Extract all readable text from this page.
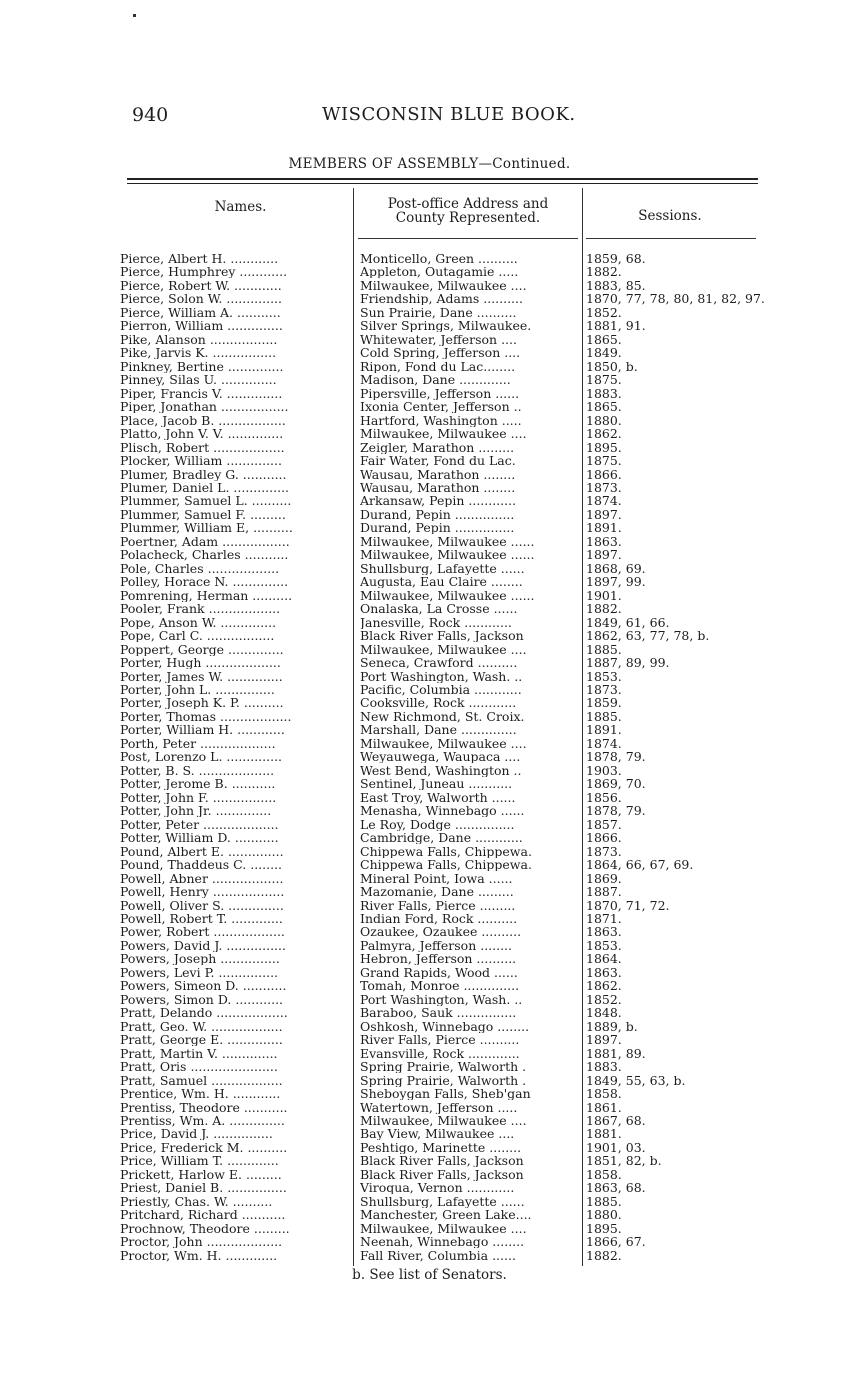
940	WISCONSIN BLUE BOOK.
MEMBERS OF ASSEMBLY—Continued.
Names.	Post-office Address and
County Represented.	Sessions.
Pierce, Albert H. ............	Monticello, Green ..........	1859, 68.
Pierce, Humphrey ............	Appleton, Outagamie .....	1882.
Pierce, Robert W. ............	Milwaukee, Milwaukee ....	1883, 85.
Pierce, Solon W. ..............	Friendship, Adams ..........	1870, 77, 78, 80, 81, 82, 97.
Pierce, William A. ...........	Sun Prairie, Dane ..........	1852.
Pierron, William ..............	Silver Springs, Milwaukee.	1881, 91.
Pike, Alanson .................	Whitewater, Jefferson ....	1865.
Pike, Jarvis K. ................	Cold Spring, Jefferson ....	1849.
Pinkney, Bertine ..............	Ripon, Fond du Lac........	1850, b.
Pinney, Silas U. ..............	Madison, Dane .............	1875.
Piper, Francis V. ..............	Pipersville, Jefferson ......	1883.
Piper, Jonathan .................	Ixonia Center, Jefferson ..	1865.
Place, Jacob B. .................	Hartford, Washington .....	1880.
Platto, John V. V. ..............	Milwaukee, Milwaukee ....	1862.
Plisch, Robert ..................	Zeigler, Marathon .........	1895.
Plocker, William ..............	Fair Water, Fond du Lac.	1875.
Plumer, Bradley G. ...........	Wausau, Marathon ........	1866.
Plumer, Daniel L. ..............	Wausau, Marathon ........	1873.
Plummer, Samuel L. ..........	Arkansaw, Pepin ............	1874.
Plummer, Samuel F. .........	Durand, Pepin ...............	1897.
Plummer, William E, ..........	Durand, Pepin ...............	1891.
Poertner, Adam .................	Milwaukee, Milwaukee ......	1863.
Polacheck, Charles ...........	Milwaukee, Milwaukee ......	1897.
Pole, Charles ..................	Shullsburg, Lafayette ......	1868, 69.
Polley, Horace N. ..............	Augusta, Eau Claire ........	1897, 99.
Pomrening, Herman ..........	Milwaukee, Milwaukee ......	1901.
Pooler, Frank ..................	Onalaska, La Crosse ......	1882.
Pope, Anson W. ..............	Janesville, Rock ............	1849, 61, 66.
Pope, Carl C. .................	Black River Falls, Jackson	1862, 63, 77, 78, b.
Poppert, George ..............	Milwaukee, Milwaukee ....	1885.
Porter, Hugh ...................	Seneca, Crawford ..........	1887, 89, 99.
Porter, James W. ..............	Port Washington, Wash. ..	1853.
Porter, John L. ...............	Pacific, Columbia ............	1873.
Porter, Joseph K. P. ..........	Cooksville, Rock ............	1859.
Porter, Thomas ..................	New Richmond, St. Croix.	1885.
Porter, William H. ............	Marshall, Dane ..............	1891.
Porth, Peter ...................	Milwaukee, Milwaukee ....	1874.
Post, Lorenzo L. ..............	Weyauwega, Waupaca ....	1878, 79.
Potter, B. S. ...................	West Bend, Washington ..	1903.
Potter, Jerome B. ...........	Sentinel, Juneau ...........	1869, 70.
Potter, John F. ................	East Troy, Walworth ......	1856.
Potter, John Jr. ..............	Menasha, Winnebago ......	1878, 79.
Potter, Peter ...................	Le Roy, Dodge ...............	1857.
Potter, William D. ...........	Cambridge, Dane ............	1866.
Pound, Albert E. ..............	Chippewa Falls, Chippewa.	1873.
Pound, Thaddeus C. ........	Chippewa Falls, Chippewa.	1864, 66, 67, 69.
Powell, Abner ..................	Mineral Point, Iowa ......	1869.
Powell, Henry ..................	Mazomanie, Dane .........	1887.
Powell, Oliver S. ..............	River Falls, Pierce .........	1870, 71, 72.
Powell, Robert T. .............	Indian Ford, Rock ..........	1871.
Power, Robert ..................	Ozaukee, Ozaukee ..........	1863.
Powers, David J. ...............	Palmyra, Jefferson ........	1853.
Powers, Joseph ...............	Hebron, Jefferson ..........	1864.
Powers, Levi P. ...............	Grand Rapids, Wood ......	1863.
Powers, Simeon D. ...........	Tomah, Monroe ..............	1862.
Powers, Simon D. ............	Port Washington, Wash. ..	1852.
Pratt, Delando ..................	Baraboo, Sauk ...............	1848.
Pratt, Geo. W. ..................	Oshkosh, Winnebago ........	1889, b.
Pratt, George E. ..............	River Falls, Pierce ..........	1897.
Pratt, Martin V. ..............	Evansville, Rock .............	1881, 89.
Pratt, Oris ......................	Spring Prairie, Walworth .	1883.
Pratt, Samuel ..................	Spring Prairie, Walworth .	1849, 55, 63, b.
Prentice, Wm. H. ............	Sheboygan Falls, Sheb'gan	1858.
Prentiss, Theodore ...........	Watertown, Jefferson .....	1861.
Prentiss, Wm. A. ..............	Milwaukee, Milwaukee ....	1867, 68.
Price, David J. ...............	Bay View, Milwaukee ....	1881.
Price, Frederick M. ..........	Peshtigo, Marinette ........	1901, 03.
Price, William T. .............	Black River Falls, Jackson	1851, 82, b.
Prickett, Harlow E. .........	Black River Falls, Jackson	1858.
Priest, Daniel B. ...............	Viroqua, Vernon ............	1863, 68.
Priestly, Chas. W. ..........	Shullsburg, Lafayette ......	1885.
Pritchard, Richard ...........	Manchester, Green Lake....	1880.
Prochnow, Theodore .........	Milwaukee, Milwaukee ....	1895.
Proctor, John ...................	Neenah, Winnebago ........	1866, 67.
Proctor, Wm. H. .............	Fall River, Columbia ......	1882.
b. See list of Senators.
